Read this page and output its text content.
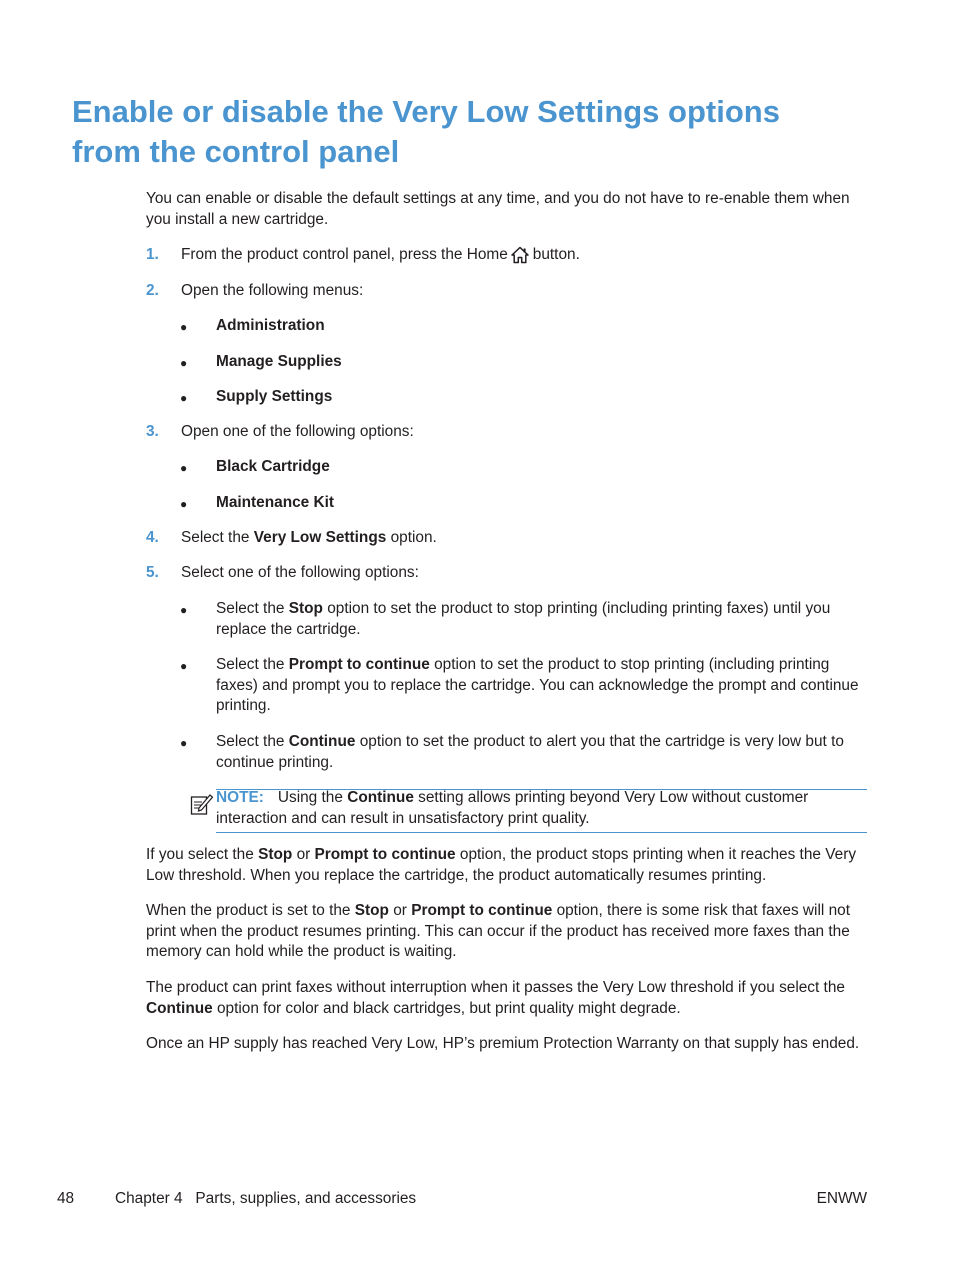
Enable or disable the Very Low Settings options
from the control panel

You can enable or disable the default settings at any time, and you do not have to re-enable them when you install a new cartridge.

1. From the product control panel, press the Home button.

2. Open the following menus:

● Administration
● Manage Supplies
● Supply Settings
3. Open one of the following options:

● Black Cartridge
● Maintenance Kit
4. Select the Very Low Settings option.

5. Select one of the following options:

● Select the Stop option to set the product to stop printing (including printing faxes) until you replace the cartridge.

● Select the Prompt to continue option to set the product to stop printing (including printing faxes) and prompt you to replace the cartridge. You can acknowledge the prompt and continue printing.

● Select the Continue option to set the product to alert you that the cartridge is very low but to continue printing.

NOTE: Using the Continue setting allows printing beyond Very Low without customer interaction and can result in unsatisfactory print quality.

If you select the Stop or Prompt to continue option, the product stops printing when it reaches the Very Low threshold. When you replace the cartridge, the product automatically resumes printing.

When the product is set to the Stop or Prompt to continue option, there is some risk that faxes will not print when the product resumes printing. This can occur if the product has received more faxes than the memory can hold while the product is waiting.

The product can print faxes without interruption when it passes the Very Low threshold if you select the Continue option for color and black cartridges, but print quality might degrade.

Once an HP supply has reached Very Low, HP’s premium Protection Warranty on that supply has ended.

48	Chapter 4   Parts, supplies, and accessories	ENWW
